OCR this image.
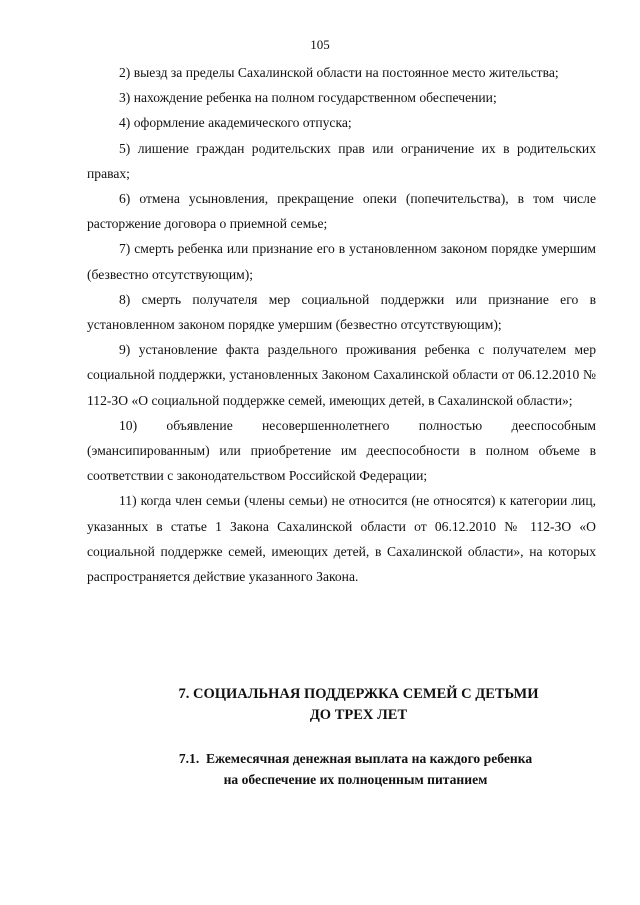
105

2) выезд за пределы Сахалинской области на постоянное место жительства;

3) нахождение ребенка на полном государственном обеспечении;

4) оформление академического отпуска;

5) лишение граждан родительских прав или ограничение их в родительских правах;

6) отмена усыновления, прекращение опеки (попечительства), в том числе расторжение договора о приемной семье;

7) смерть ребенка или признание его в установленном законом порядке умершим (безвестно отсутствующим);

8) смерть получателя мер социальной поддержки или признание его в установленном законом порядке умершим (безвестно отсутствующим);

9) установление факта раздельного проживания ребенка с получателем мер социальной поддержки, установленных Законом Сахалинской области от 06.12.2010 № 112-ЗО «О социальной поддержке семей, имеющих детей, в Сахалинской области»;

10) объявление несовершеннолетнего полностью дееспособным (эмансипированным) или приобретение им дееспособности в полном объеме в соответствии с законодательством Российской Федерации;

11) когда член семьи (члены семьи) не относится (не относятся) к категории лиц, указанных в статье 1 Закона Сахалинской области от 06.12.2010 № 112-ЗО «О социальной поддержке семей, имеющих детей, в Сахалинской области», на которых распространяется действие указанного Закона.

7. СОЦИАЛЬНАЯ ПОДДЕРЖКА СЕМЕЙ С ДЕТЬМИ
ДО ТРЕХ ЛЕТ
7.1.  Ежемесячная денежная выплата на каждого ребенка
на обеспечение их полноценным питанием
